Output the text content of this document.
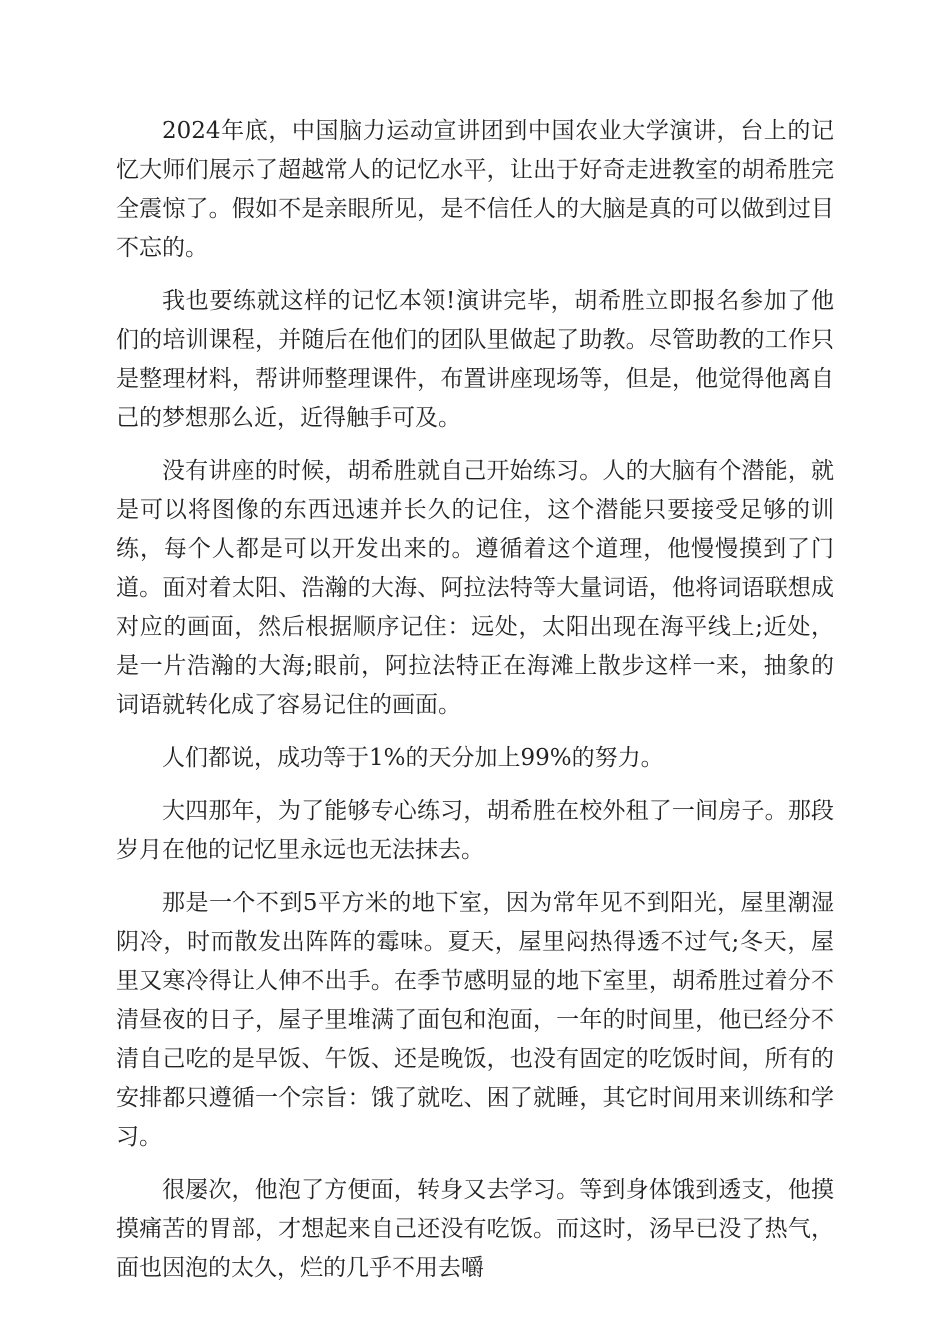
2024年底，中国脑力运动宣讲团到中国农业大学演讲，台上的记忆大师们展示了超越常人的记忆水平，让出于好奇走进教室的胡希胜完全震惊了。假如不是亲眼所见，是不信任人的大脑是真的可以做到过目不忘的。

我也要练就这样的记忆本领!演讲完毕，胡希胜立即报名参加了他们的培训课程，并随后在他们的团队里做起了助教。尽管助教的工作只是整理材料，帮讲师整理课件，布置讲座现场等，但是，他觉得他离自己的梦想那么近，近得触手可及。

没有讲座的时候，胡希胜就自己开始练习。人的大脑有个潜能，就是可以将图像的东西迅速并长久的记住，这个潜能只要接受足够的训练，每个人都是可以开发出来的。遵循着这个道理，他慢慢摸到了门道。面对着太阳、浩瀚的大海、阿拉法特等大量词语，他将词语联想成对应的画面，然后根据顺序记住：远处，太阳出现在海平线上;近处，是一片浩瀚的大海;眼前，阿拉法特正在海滩上散步这样一来，抽象的词语就转化成了容易记住的画面。

人们都说，成功等于1%的天分加上99%的努力。

大四那年，为了能够专心练习，胡希胜在校外租了一间房子。那段岁月在他的记忆里永远也无法抹去。

那是一个不到5平方米的地下室，因为常年见不到阳光，屋里潮湿阴冷，时而散发出阵阵的霉味。夏天，屋里闷热得透不过气;冬天，屋里又寒冷得让人伸不出手。在季节感明显的地下室里，胡希胜过着分不清昼夜的日子，屋子里堆满了面包和泡面，一年的时间里，他已经分不清自己吃的是早饭、午饭、还是晚饭，也没有固定的吃饭时间，所有的安排都只遵循一个宗旨：饿了就吃、困了就睡，其它时间用来训练和学习。

很屡次，他泡了方便面，转身又去学习。等到身体饿到透支，他摸摸痛苦的胃部，才想起来自己还没有吃饭。而这时，汤早已没了热气，面也因泡的太久，烂的几乎不用去嚼
